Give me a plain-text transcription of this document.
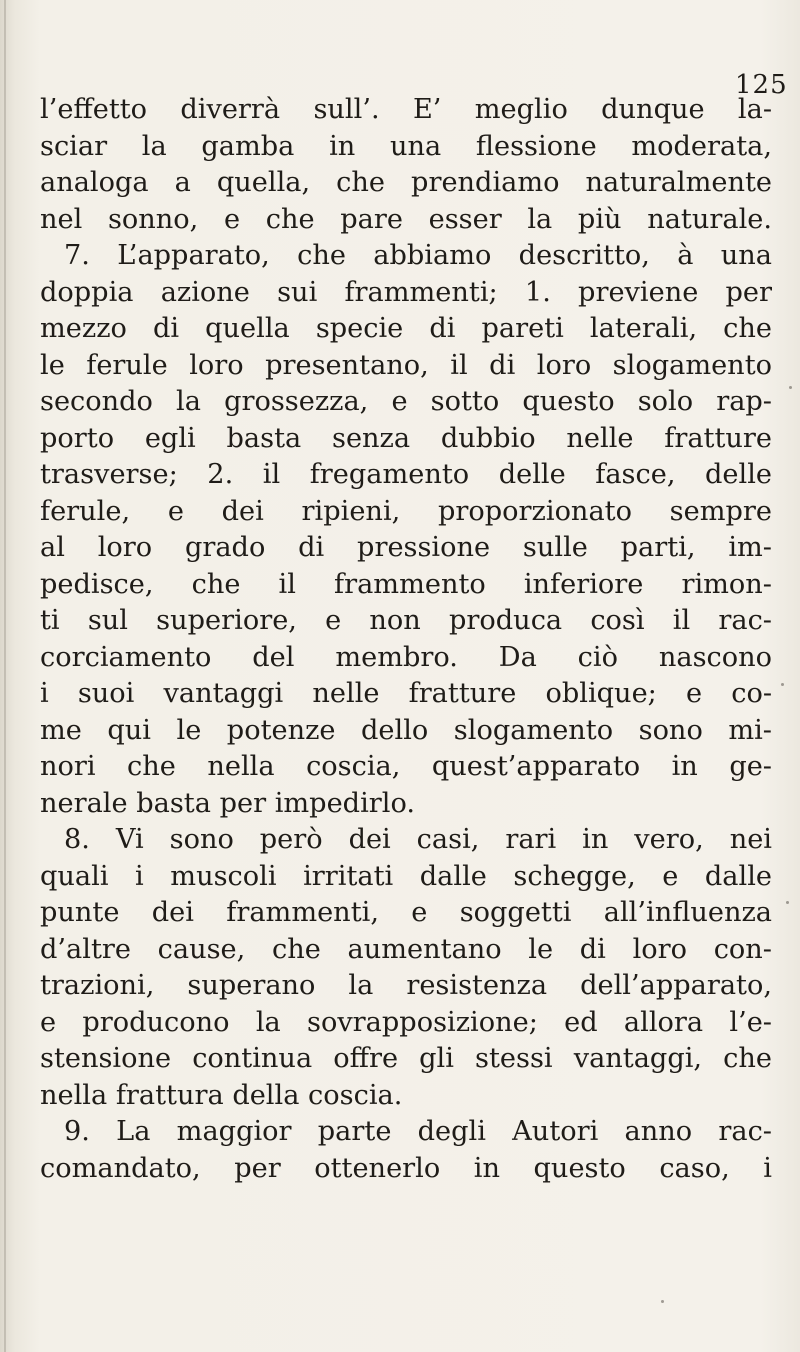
125
l’effetto diverrà sull’. E’ meglio dunque la-
sciar la gamba in una flessione moderata,
analoga a quella, che prendiamo naturalmente
nel sonno, e che pare esser la più naturale.
7. L’apparato, che abbiamo descritto, à una
doppia azione sui frammenti; 1. previene per
mezzo di quella specie di pareti laterali, che
le ferule loro presentano, il di loro slogamento
secondo la grossezza, e sotto questo solo rap-
porto egli basta senza dubbio nelle fratture
trasverse; 2. il fregamento delle fasce, delle
ferule, e dei ripieni, proporzionato sempre
al loro grado di pressione sulle parti, im-
pedisce, che il frammento inferiore rimon-
ti sul superiore, e non produca così il rac-
corciamento del membro. Da ciò nascono
i suoi vantaggi nelle fratture oblique; e co-
me qui le potenze dello slogamento sono mi-
nori che nella coscia, quest’apparato in ge-
nerale basta per impedirlo.
8. Vi sono però dei casi, rari in vero, nei
quali i muscoli irritati dalle schegge, e dalle
punte dei frammenti, e soggetti all’influenza
d’altre cause, che aumentano le di loro con-
trazioni, superano la resistenza dell’apparato,
e producono la sovrapposizione; ed allora l’e-
stensione continua offre gli stessi vantaggi, che
nella frattura della coscia.
9. La maggior parte degli Autori anno rac-
comandato, per ottenerlo in questo caso, i
